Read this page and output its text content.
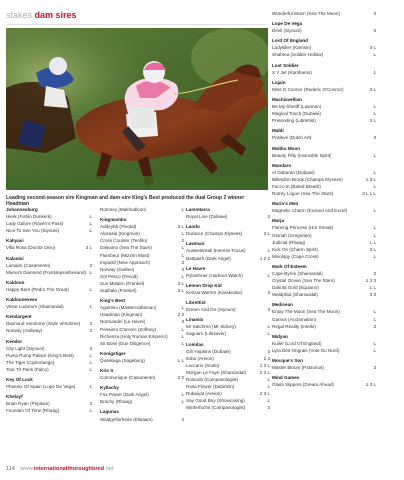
stakes dam sires
Leading second-season sire Kingman and dam-sire King's Best produced the dual Group 2 winner Headman
Johannesburg
Hierk (Fishin Dunkerk)	L
Lady Galore (Raven's Pass)	L
Nice To See You (Siyouni)	L
Kahyasi
Villa Rosa (Doctor Dino)	3 L
Kalanisi
Lamaire (Casamento)	2
Mama's Diamond (Footstepsinthesand) L
Kaldoun
Happy Bern (Pedro The Great)	L
Kaldounevees
Victor Ludorum (Shamardal)	1
Kendargent
Diamond Vendome (Style Vendome)	3
Norway (Galiway)	3
Kendor
City Light (Siyouni)	3
Pump Pump Palace (King's Best)	L
The Tiger (Cipitorlango)	L
Tour Tir Paris (Falco)	L
Key Of Luck
Phoenix Of Spain (Lope De Vega)	1
Khelayf
Brian Ryan (Pepisan)	3
Fountain Of Time (Rhaag)	L
Romney (Makhadloon)	L
Kingmambo
Addeybb (Pivotal)	3 L
Alocasia (Kingman)	L
Cross Counter (Teofilo)	2
Dalyamo (Sea The Stars)	L
Flambeur (Mizzen Mast)	L
Impulsif (New Approach)	3
Norway (Galileo)	3
Sol Pesco (Fervid)	L
Sun Maiden (Frankel)	3 L
Suphala (Frankel)	3 L
King's Best
Agostino (Mastercraftsman)	L
Headman (Kingman)	2 2
Normandel (Le Havre)	3
Pensiero D'amore (Zoffany)	L
Richenza (Holy Roman Emperor)	L
Sir Boris (Due Diligence)	L
Konigstiger
Qualisaga (Sageburg)	L L
Kris S
Communique (Casamento)	2 2
Kyllachy
Fox Power (Dark Angel)	L
Brachy (Rhaag)	L
Lagunas
Waldgeflorhede (Elisaam)	3
Lammtarra
Royal Line (Dubawi)	3
Lando
Durance (Champs Elysees)	3 L
Lawman
Aussiestreak (Intense Focus)	L
Battaash (Dark Angel)	1 2 2
Le Havre
Pylosthner (Harbour Watch)	L
Lemon Drop Kid
Kenzai Warrior (Karakontie)	3
Librettist
Dream And Do (Siyouni)	3
Linamix
Mr Satchmo (Mr Sidney)	L
Saguaro (Lifesaver)	L
Lomitas
Gin Hopkins (Dubawi)	3
Itobo (Areion)	2 3
Laccario (Scalo)	1 3 L
Morgan Le Faye (Shamardal)	2 3 L
Rolando (Campanologist)	L
Rosa Flower (Dabirsim)	L
Rubaiyat (Areion)	2 3 L
Say Good Buy (Showcasing)	L
Winterfuchs (Campanologist)	3
Wonderful Moon (Sea The Moon)	3
Lope De Vega
Devil (Siyouni)	3
Lord Of England
Ladykiller (Kamsin)	3 L
Shahrea (Soldier Hollow)	L
Lost Soldier
X Y Jet (Kantharos)	1
Lujain
Miss O Connor (Roderic O'Connor)	3 L
Machiavellian
Be My Sheriff (Lawman)	L
Magical Touch (Dubawi)	L
Pretending (Librettist)	3 L
Maldi
Positive (Dutch Art)	3
Malibu Moon
Beauty Fifty (Invincible Spirit)	L
Mandaro
Al Dabaran (Dubawi)	L
Billesdon Brook (Champs Elysees)	1 3 L
Facco In (Bated Breath)	L
Rotrey Logue (Sea The Stars)	3 L L L
Mario's Men
Magnetic Charm (Exceed And Excel)	L
Marju
Flaming Princess (Hot Streak)	L
Gloriah (Gregorian)	L
Judicial (Rhaag)	L L
Kick On (Charm Spirit)	3 L
Mixology (Cape Cross)	L
Mark Of Esteem
Cape Byron (Shamardal)	3
Crystal Ocean (Sea The Stars)	1 3 3
Dakota Gold (Equiano)	L L
Waldpfad (Shamardal)	3 3
Medicean
Enjoy The Moon (Sea The Moon)	L
Gamus (Acclamation)	L
Regal Reality (Intello)	3
Midyan
Kuiler (Lord Of England)	L
Lyra Des Ongrais (Vote Du Nord)	L
Mocque's Son
Master Bloom (Pastorius)	3
Mind Games
Glass Slippers (Dream Ahead)	1 3 L
114 www.internationalthoroughbred.net
